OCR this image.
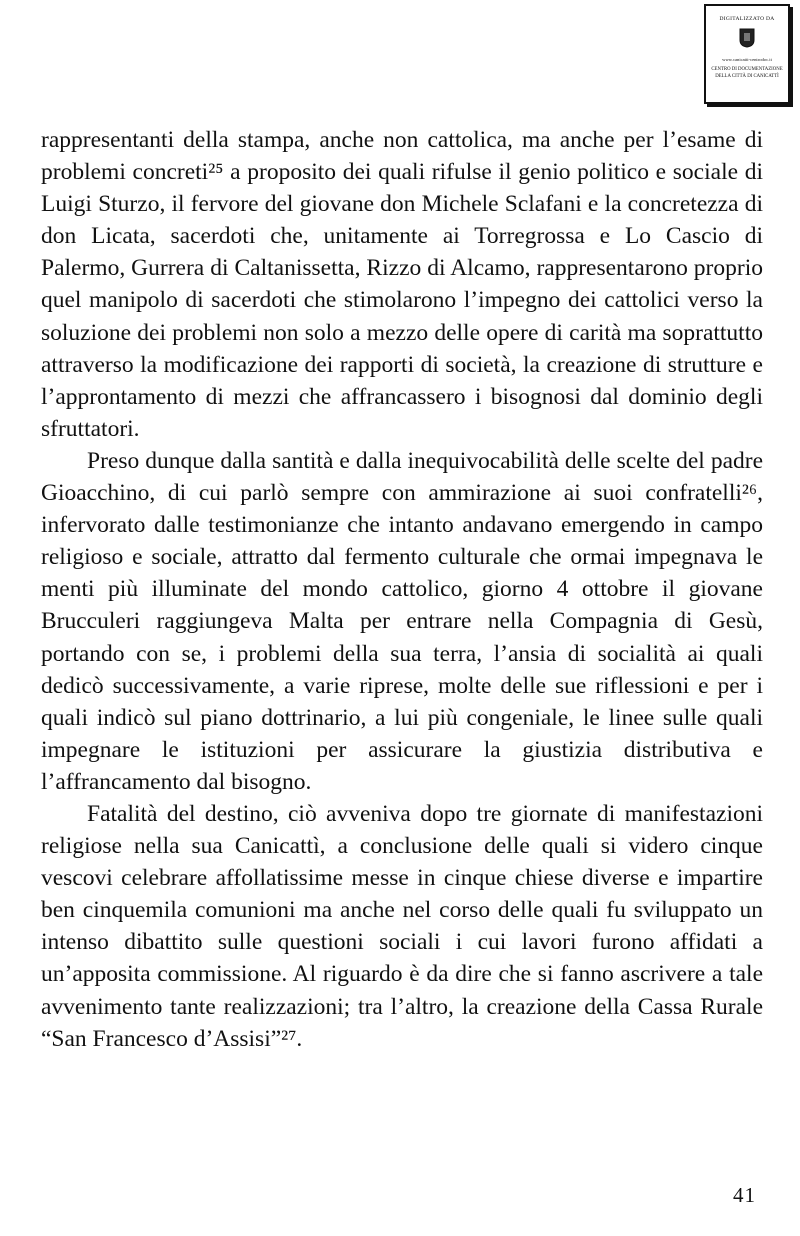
DIGITALIZZATO DA
www.canicatti-centrodoc.it
CENTRO DI DOCUMENTAZIONE
DELLA CITTÀ DI CANICATTÌ

rappresentanti della stampa, anche non cattolica, ma anche per l’esame di problemi concreti²⁵ a proposito dei quali rifulse il genio politico e sociale di Luigi Sturzo, il fervore del giovane don Michele Sclafani e la concretezza di don Licata, sacerdoti che, unitamente ai Torregrossa e Lo Cascio di Palermo, Gurrera di Caltanissetta, Rizzo di Alcamo, rappresentarono proprio quel manipolo di sacerdoti che stimolarono l’impegno dei cattolici verso la soluzione dei problemi non solo a mezzo delle opere di carità ma soprattutto attraverso la modificazione dei rapporti di società, la creazione di strutture e l’approntamento di mezzi che affrancassero i bisognosi dal dominio degli sfruttatori.

Preso dunque dalla santità e dalla inequivocabilità delle scelte del padre Gioacchino, di cui parlò sempre con ammirazione ai suoi confratelli²⁶, infervorato dalle testimonianze che intanto andavano emergendo in campo religioso e sociale, attratto dal fermento culturale che ormai impegnava le menti più illuminate del mondo cattolico, giorno 4 ottobre il giovane Brucculeri raggiungeva Malta per entrare nella Compagnia di Gesù, portando con se, i problemi della sua terra, l’ansia di socialità ai quali dedicò successivamente, a varie riprese, molte delle sue riflessioni e per i quali indicò sul piano dottrinario, a lui più congeniale, le linee sulle quali impegnare le istituzioni per assicurare la giustizia distributiva e l’affrancamento dal bisogno.

Fatalità del destino, ciò avveniva dopo tre giornate di manifestazioni religiose nella sua Canicattì, a conclusione delle quali si videro cinque vescovi celebrare affollatissime messe in cinque chiese diverse e impartire ben cinquemila comunioni ma anche nel corso delle quali fu sviluppato un intenso dibattito sulle questioni sociali i cui lavori furono affidati a un’apposita commissione. Al riguardo è da dire che si fanno ascrivere a tale avvenimento tante realizzazioni; tra l’altro, la creazione della Cassa Rurale “San Francesco d’Assisi”²⁷.

41
